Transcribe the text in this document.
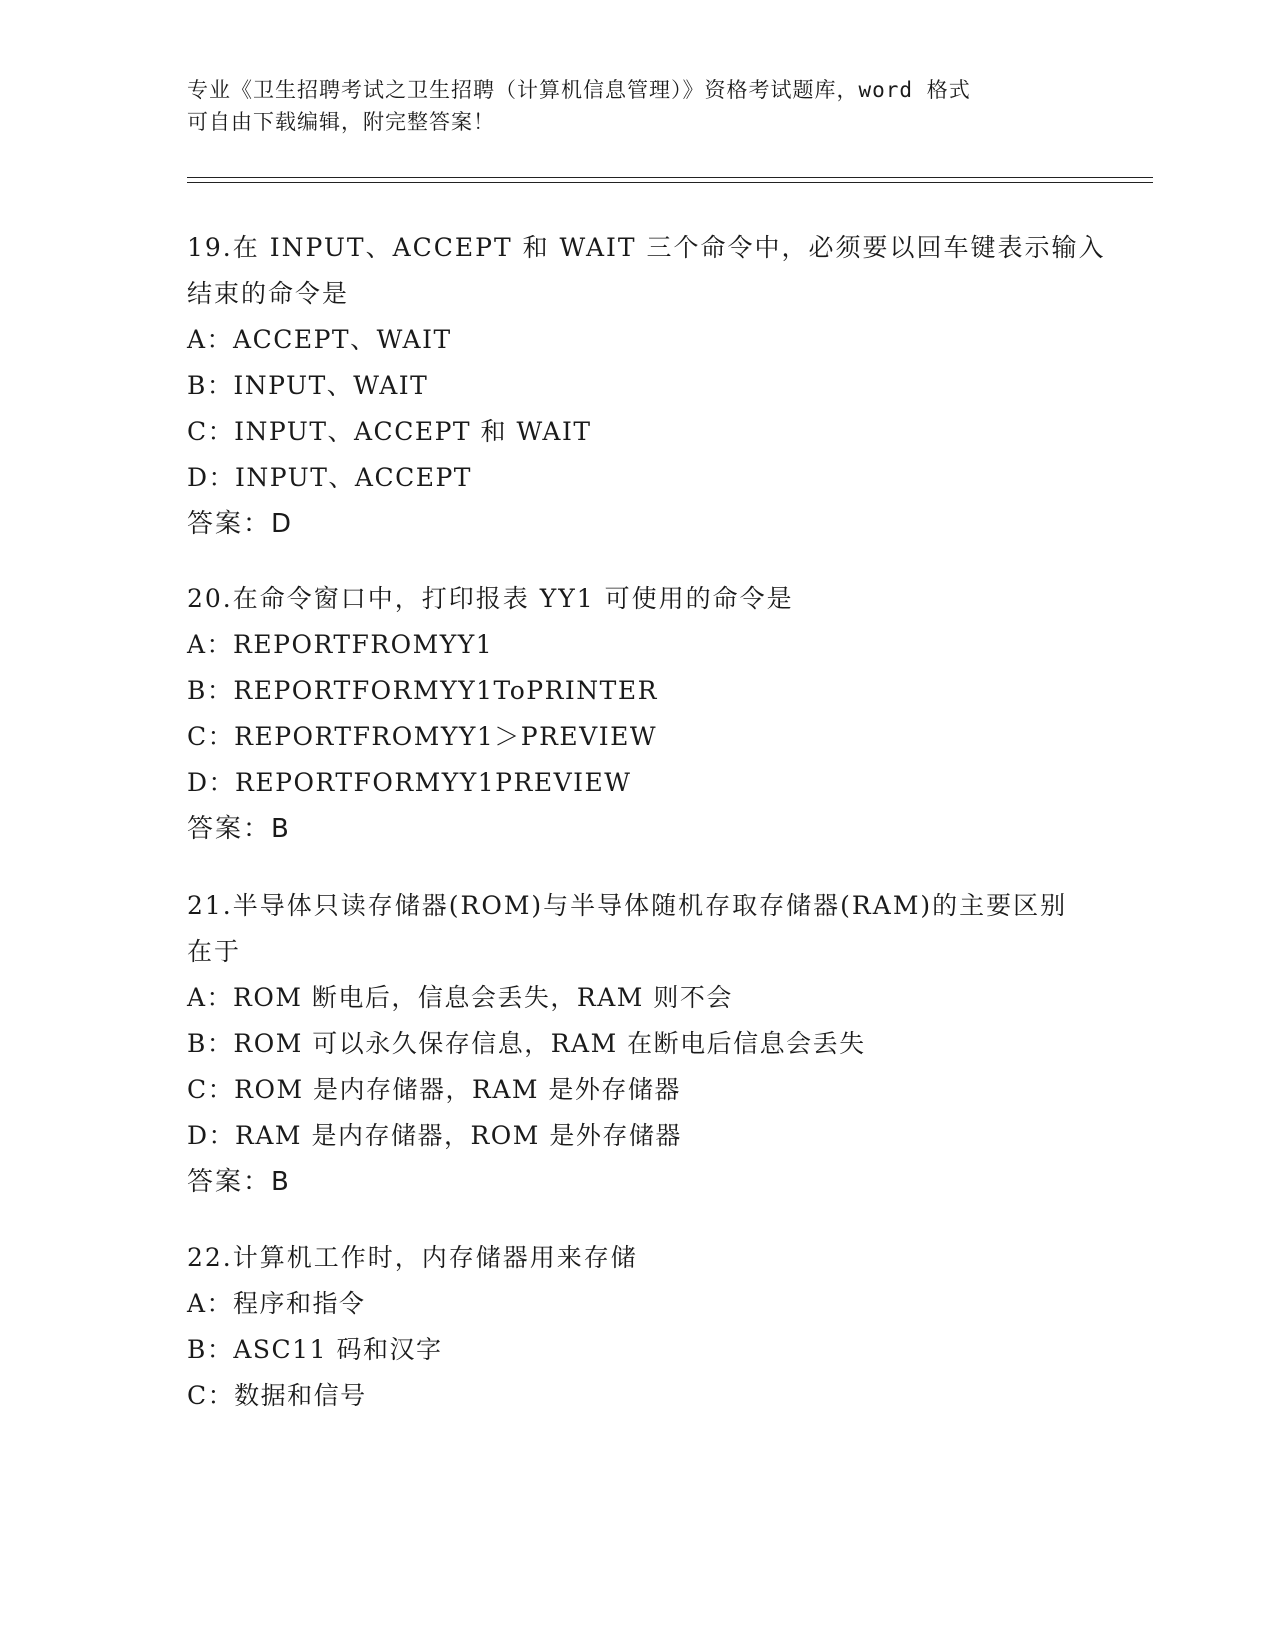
专业《卫生招聘考试之卫生招聘（计算机信息管理）》资格考试题库，word 格式
可自由下载编辑，附完整答案！
19.在 INPUT、ACCEPT 和 WAIT 三个命令中，必须要以回车键表示输入
结束的命令是
A：ACCEPT、WAIT
B：INPUT、WAIT
C：INPUT、ACCEPT 和 WAIT
D：INPUT、ACCEPT
答案：D
20.在命令窗口中，打印报表 YY1 可使用的命令是
A：REPORTFROMYY1
B：REPORTFORMYY1ToPRINTER
C：REPORTFROMYY1＞PREVIEW
D：REPORTFORMYY1PREVIEW
答案：B
21.半导体只读存储器(ROM)与半导体随机存取存储器(RAM)的主要区别
在于
A：ROM 断电后，信息会丢失，RAM 则不会
B：ROM 可以永久保存信息，RAM 在断电后信息会丢失
C：ROM 是内存储器，RAM 是外存储器
D：RAM 是内存储器，ROM 是外存储器
答案：B
22.计算机工作时，内存储器用来存储
A：程序和指令
B：ASC11 码和汉字
C：数据和信号
